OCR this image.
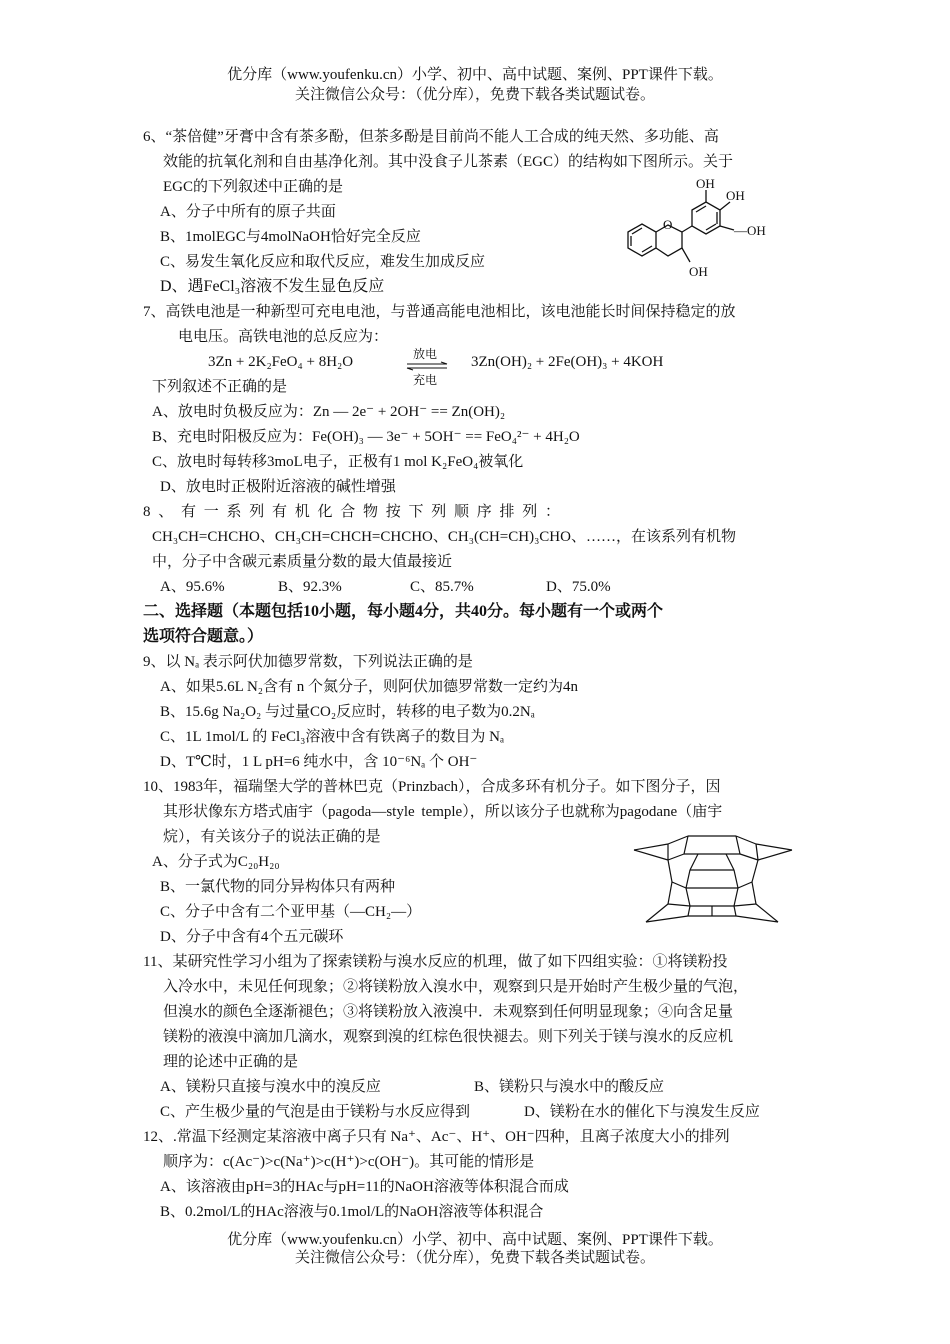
优分库（www.youfenku.cn）小学、初中、高中试题、案例、PPT课件下载。
关注微信公众号：（优分库），免费下载各类试题试卷。
6、“茶倍健”牙膏中含有茶多酚，但茶多酚是目前尚不能人工合成的纯天然、多功能、高
效能的抗氧化剂和自由基净化剂。其中没食子儿茶素（EGC）的结构如下图所示。关于
EGC的下列叙述中正确的是
A、分子中所有的原子共面
B、1molEGC与4molNaOH恰好完全反应
C、易发生氧化反应和取代反应，难发生加成反应
D、遇FeCl₃溶液不发生显色反应
OH
OH
—OH
OH
O
7、高铁电池是一种新型可充电电池，与普通高能电池相比，该电池能长时间保持稳定的放
电电压。高铁电池的总反应为：
3Zn + 2K₂FeO₄ + 8H₂O	放电
充电
3Zn(OH)₂ + 2Fe(OH)₃ + 4KOH
下列叙述不正确的是
A、放电时负极反应为：Zn — 2e⁻ + 2OH⁻ == Zn(OH)₂
B、充电时阳极反应为：Fe(OH)₃ — 3e⁻ + 5OH⁻ == FeO₄²⁻ + 4H₂O
C、放电时每转移3moL电子，正极有1 mol K₂FeO₄被氧化
D、放电时正极附近溶液的碱性增强
8 、 有 一 系 列 有 机 化 合 物 按 下 列 顺 序 排 列 ：
CH₃CH=CHCHO、CH₃CH=CHCH=CHCHO、CH₃(CH=CH)₃CHO、……，在该系列有机物
中，分子中含碳元素质量分数的最大值最接近
A、95.6%	B、92.3%	C、85.7%	D、75.0%
二、选择题（本题包括10小题，每小题4分，共40分。每小题有一个或两个
选项符合题意。）
9、以 Nₐ 表示阿伏加德罗常数，下列说法正确的是
A、如果5.6L N₂含有 n 个氮分子，则阿伏加德罗常数一定约为4n
B、15.6g Na₂O₂ 与过量CO₂反应时，转移的电子数为0.2Nₐ
C、1L 1mol/L 的 FeCl₃溶液中含有铁离子的数目为 Nₐ
D、T℃时，1 L pH=6 纯水中，含 10⁻⁶Nₐ 个 OH⁻
10、1983年，福瑞堡大学的普林巴克（Prinzbach），合成多环有机分子。如下图分子，因
其形状像东方塔式庙宇（pagoda—style temple），所以该分子也就称为pagodane（庙宇
烷），有关该分子的说法正确的是
A、分子式为C₂₀H₂₀
B、一氯代物的同分异构体只有两种
C、分子中含有二个亚甲基（—CH₂—）
D、分子中含有4个五元碳环
11、某研究性学习小组为了探索镁粉与溴水反应的机理，做了如下四组实验：①将镁粉投
入冷水中，未见任何现象；②将镁粉放入溴水中，观察到只是开始时产生极少量的气泡，
但溴水的颜色全逐渐褪色；③将镁粉放入液溴中．未观察到任何明显现象；④向含足量
镁粉的液溴中滴加几滴水，观察到溴的红棕色很快褪去。则下列关于镁与溴水的反应机
理的论述中正确的是
A、镁粉只直接与溴水中的溴反应	B、镁粉只与溴水中的酸反应
C、产生极少量的气泡是由于镁粉与水反应得到	D、镁粉在水的催化下与溴发生反应
12、.常温下经测定某溶液中离子只有 Na⁺、Ac⁻、H⁺、OH⁻四种，且离子浓度大小的排列
顺序为：c(Ac⁻)>c(Na⁺)>c(H⁺)>c(OH⁻)。其可能的情形是
A、该溶液由pH=3的HAc与pH=11的NaOH溶液等体积混合而成
B、0.2mol/L的HAc溶液与0.1mol/L的NaOH溶液等体积混合
优分库（www.youfenku.cn）小学、初中、高中试题、案例、PPT课件下载。
关注微信公众号：（优分库），免费下载各类试题试卷。
